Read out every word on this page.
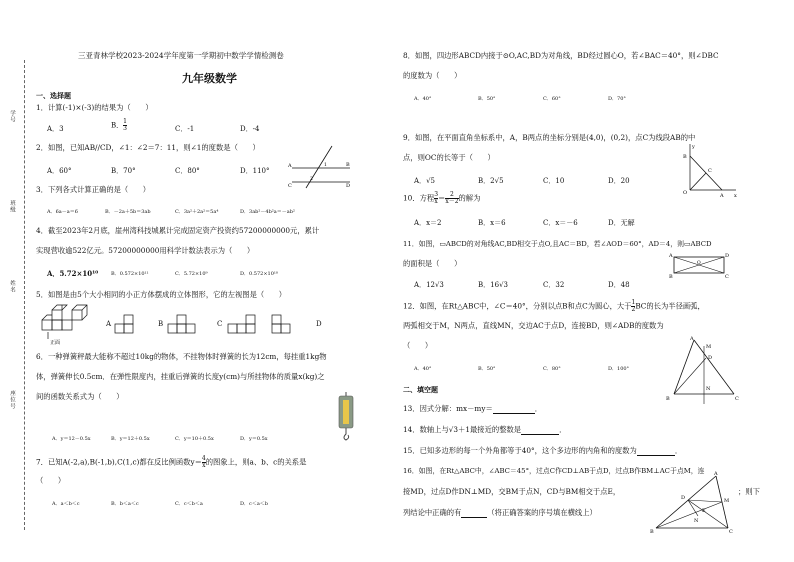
学号
班级
姓名
座位号
三亚青林学校2023-2024学年度第一学期初中数学学情检测卷
九年级数学
一、选择题
1．计算(-1)×(-3)的结果为（　　）
A．3	B． $\frac{1}{3}$	C．-1	D．-4
2．如图，已知AB//CD，∠1：∠2＝7：11，则∠1的度数是（　　）
A．60°	B．70°	C．80°	D．110°
A	B
C	D
1
2
3．下列各式计算正确的是（　　）
A．6a－a＝6	B．－2a＋5b＝3ab	C．3a²＋2a²＝5a⁴	D．3ab²－4b²a＝－ab²
4．截至2023年2月底，崖州湾科技城累计完成固定资产投资约57200000000元，累计
实现营收逾522亿元。57200000000用科学计数法表示为（　　）
A．5.72×10¹⁰	B．0.572×10¹¹	C．5.72×10⁹	D．0.572×10¹⁰
5．如图是由5个大小相同的小正方体摆成的立体图形，它的左视图是（　　）
正面
A	B	C	D
6．一种弹簧秤最大能称不超过10kg的物体，不挂物体时弹簧的长为12cm，每挂重1kg物
体，弹簧伸长0.5cm．在弹性限度内，挂重后弹簧的长度y(cm)与所挂物体的质量x(kg)之
间的函数关系式为（　　）
A．y＝12－0.5x	B．y＝12＋0.5x	C．y＝10＋0.5x	D．y＝0.5x
7．已知A(-2,a),B(-1,b),C(1,c)都在反比例函数$y= \frac{4}{x}$ 的图象上，则a、b、c的关系是
（　　）
A．a＜b＜c	B．b＜a＜c	C．c＜b＜a	D．c＜a＜b
8．如图，四边形ABCD内接于⊙O,AC,BD为对角线，BD经过圆心O，若∠BAC＝40°，则∠DBC
的度数为（　　）
A．40°	B．50°	C．60°	D．70°
9．如图，在平面直角坐标系中，A，B两点的坐标分别是(4,0)，(0,2)，点C为线段AB的中
点，则OC的长等于（　　）
A．√5	B．2√5	C．10	D．20
y
B
C
O	A x
10．方程 $\frac{3}{x} = \frac{2}{x-2}$ 的解为
A．x＝2	B．x＝6	C．x＝－6	D．无解
11．如图，▭ABCD的对角线AC,BD相交于点O,且AC＝BD，若∠AOD＝60°，AD＝4，则▭ABCD
的面积是（　　）
A	D
B	C
O
A．12√3	B．16√3	C．32	D．48
12．如图，在Rt△ABC中，∠C＝40°，分别以点B和点C为圆心，大于 $\frac{1}{2}$ BC的长为半径画弧，
两弧相交于M，N两点，直线MN，交边AC于点D，连接BD，则∠ADB的度数为
（　　）
A．40°	B．50°	C．80°	D．100°
A
B	C
D
M
N
二、填空题
13．因式分解：mx－my＝	．
14．数轴上与√3＋1最接近的整数是	．
15．已知多边形的每一个外角都等于40°，这个多边形的内角和的度数为	．
16．如图，在Rt△ABC中，∠ABC＝45°，过点C作CD⊥AB于点D，过点B作BM⊥AC于点M，连
接MD，过点D作DN⊥MD，交BM于点N，CD与BM相交于点E，	；则下
列结论中正确的有	（将正确答案的序号填在横线上）
A
B	C
D
E
M
N
